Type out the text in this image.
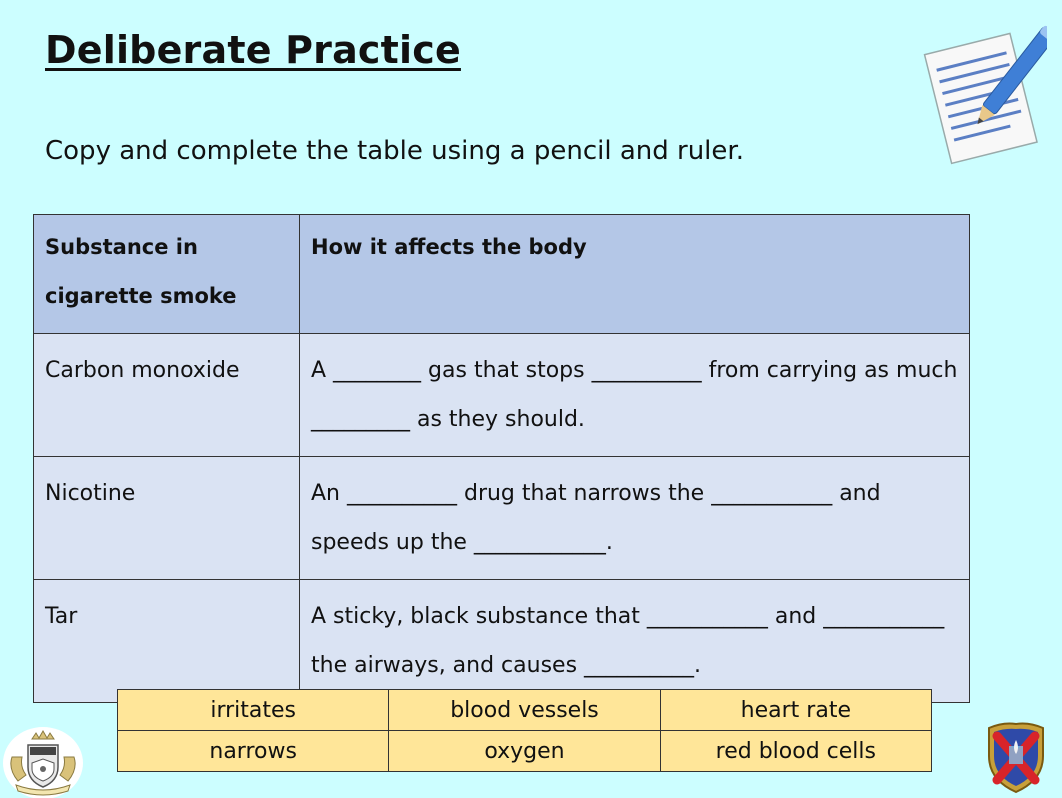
Deliberate Practice

Copy and complete the table using a pencil and ruler.

Substance in cigarette smoke	How it affects the body
Carbon monoxide	A ________ gas that stops __________ from carrying as much _________ as they should.
Nicotine	An __________ drug that narrows the ___________ and speeds up the ____________.
Tar	A sticky, black substance that ___________ and ___________ the airways, and causes __________.
irritates	blood vessels	heart rate
narrows	oxygen	red blood cells
